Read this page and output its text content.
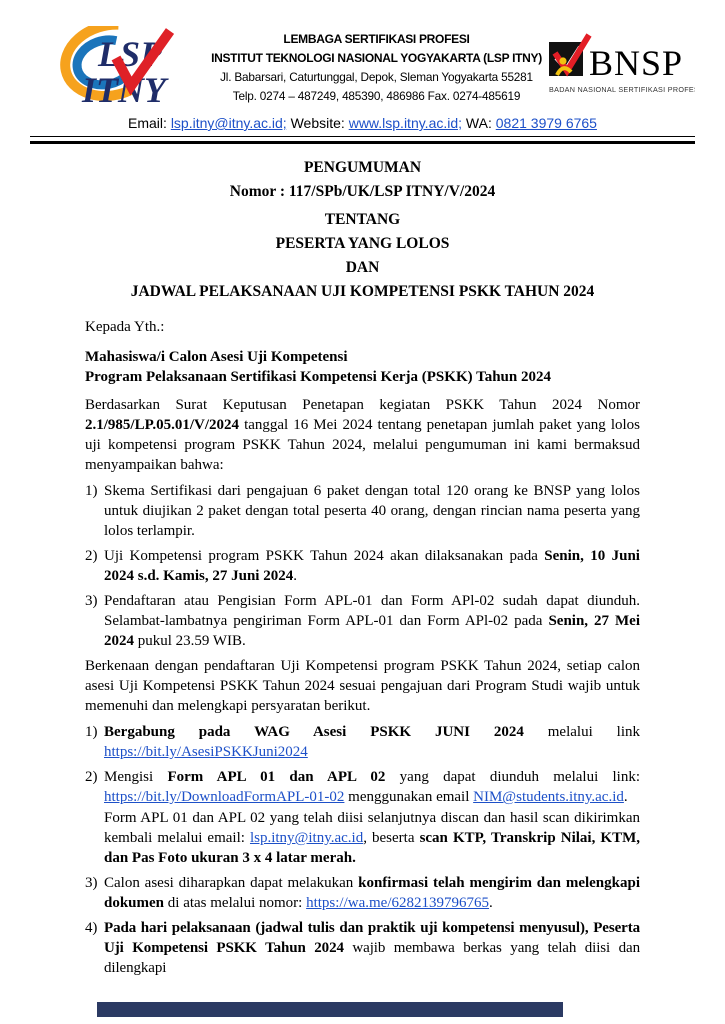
LSP
ITNY
LEMBAGA SERTIFIKASI PROFESI
INSTITUT TEKNOLOGI NASIONAL YOGYAKARTA (LSP ITNY)
Jl. Babarsari, Caturtunggal, Depok, Sleman Yogyakarta 55281
Telp. 0274 – 487249, 485390, 486986 Fax. 0274-485619
BNSP
BADAN NASIONAL SERTIFIKASI PROFESI
Email: lsp.itny@itny.ac.id; Website: www.lsp.itny.ac.id; WA: 0821 3979 6765
PENGUMUMAN
Nomor : 117/SPb/UK/LSP ITNY/V/2024
TENTANG
PESERTA YANG LOLOS
DAN
JADWAL PELAKSANAAN UJI KOMPETENSI PSKK TAHUN 2024
Kepada Yth.:
Mahasiswa/i Calon Asesi Uji Kompetensi
Program Pelaksanaan Sertifikasi Kompetensi Kerja (PSKK) Tahun 2024

Berdasarkan Surat Keputusan Penetapan kegiatan PSKK Tahun 2024 Nomor 2.1/985/LP.05.01/V/2024 tanggal 16 Mei 2024 tentang penetapan jumlah paket yang lolos uji kompetensi program PSKK Tahun 2024, melalui pengumuman ini kami bermaksud menyampaikan bahwa:

1) Skema Sertifikasi dari pengajuan 6 paket dengan total 120 orang ke BNSP yang lolos untuk diujikan 2 paket dengan total peserta 40 orang, dengan rincian nama peserta yang lolos terlampir.
2) Uji Kompetensi program PSKK Tahun 2024 akan dilaksanakan pada Senin, 10 Juni 2024 s.d. Kamis, 27 Juni 2024.
3) Pendaftaran atau Pengisian Form APL-01 dan Form APl-02 sudah dapat diunduh. Selambat-lambatnya pengiriman Form APL-01 dan Form APl-02 pada Senin, 27 Mei 2024 pukul 23.59 WIB.

Berkenaan dengan pendaftaran Uji Kompetensi program PSKK Tahun 2024, setiap calon asesi Uji Kompetensi PSKK Tahun 2024 sesuai pengajuan dari Program Studi wajib untuk memenuhi dan melengkapi persyaratan berikut.

1) Bergabung pada WAG Asesi PSKK JUNI 2024 melalui link https://bit.ly/AsesiPSKKJuni2024
2) Mengisi Form APL 01 dan APL 02 yang dapat diunduh melalui link: https://bit.ly/DownloadFormAPL-01-02 menggunakan email NIM@students.itny.ac.id.

Form APL 01 dan APL 02 yang telah diisi selanjutnya discan dan hasil scan dikirimkan kembali melalui email: lsp.itny@itny.ac.id, beserta scan KTP, Transkrip Nilai, KTM, dan Pas Foto ukuran 3 x 4 latar merah.

3) Calon asesi diharapkan dapat melakukan konfirmasi telah mengirim dan melengkapi dokumen di atas melalui nomor: https://wa.me/6282139796765.
4) Pada hari pelaksanaan (jadwal tulis dan praktik uji kompetensi menyusul), Peserta Uji Kompetensi PSKK Tahun 2024 wajib membawa berkas yang telah diisi dan dilengkapi
